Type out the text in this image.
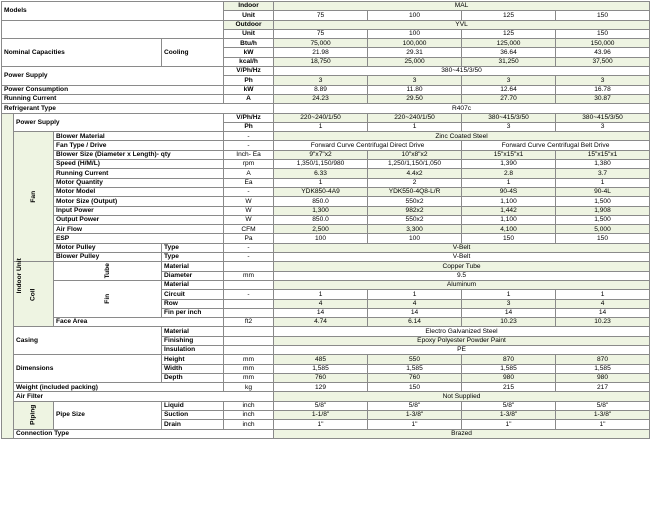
Models				Indoor	MAL			
				Unit	75	100	125	150
				Outdoor	YVL			
				Unit	75	100	125	150
Nominal Capacities			Cooling	Btu/h	75,000	100,000	125,000	150,000
				kW	21.98	29.31	36.64	43.96
				kcal/h	18,750	25,000	31,250	37,500
Power Supply				V/Ph/Hz	380~415/3/50			
				Ph	3	3	3	3
Power Consumption				kW	8.89	11.80	12.64	16.78
Running Current				A	24.23	29.50	27.70	30.87
Refrigerant Type					R407c			
Indoor Unit	Power Supply			V/Ph/Hz	220~240/1/50	220~240/1/50	380~415/3/50	380~415/3/50
				Ph	1	1	3	3
	Fan	Blower Material		-	Zinc Coated Steel			
		Fan Type / Drive		-	Forward Curve Centrifugal Direct Drive		Forward Curve Centrifugal Belt Drive	
		Blower Size (Diameter x Length)- qty		Inch- Ea	9"x7"x2	10"x8"x2	15"x15"x1	15"x15"x1
		Speed (H/M/L)		rpm	1,350/1,150/980	1,250/1,150/1,050	1,390	1,380
		Running Current		A	6.33	4.4x2	2.8	3.7
		Motor Quantity		Ea	1	2	1	1
		Motor Model		-	YDK850-4A9	YDK550-4Q8-L/R	90-4S	90-4L
		Motor Size (Output)		W	850.0	550x2	1,100	1,500
		Input Power		W	1,300	982x2	1,442	1,908
		Output Power		W	850.0	550x2	1,100	1,500
		Air Flow		CFM	2,500	3,300	4,100	5,000
		ESP		Pa	100	100	150	150
		Motor Pulley	Type	-	V-Belt			
		Blower Pulley	Type	-	V-Belt			
	Coil	Tube	Material		Copper Tube			
			Diameter	mm	9.5			
		Fin	Material		Aluminum			
			Circuit	-	1	1	1	1
			Row		4	4	3	4
			Fin per inch		14	14	14	14
		Face Area		ft2	4.74	6.14	10.23	10.23
	Casing		Material		Electro Galvanized Steel			
			Finishing		Epoxy Polyester Powder Paint			
			Insulation		PE			
	Dimensions		Height	mm	485	550	870	870
			Width	mm	1,585	1,585	1,585	1,585
			Depth	mm	760	760	980	980
	Weight (included packing)			kg	129	150	215	217
	Air Filter				Not Supplied			
	Piping	Pipe Size	Liquid	inch	5/8"	5/8"	5/8"	5/8"
			Suction	inch	1-1/8"	1-3/8"	1-3/8"	1-3/8"
			Drain	inch	1"	1"	1"	1"
	Connection Type				Brazed			
